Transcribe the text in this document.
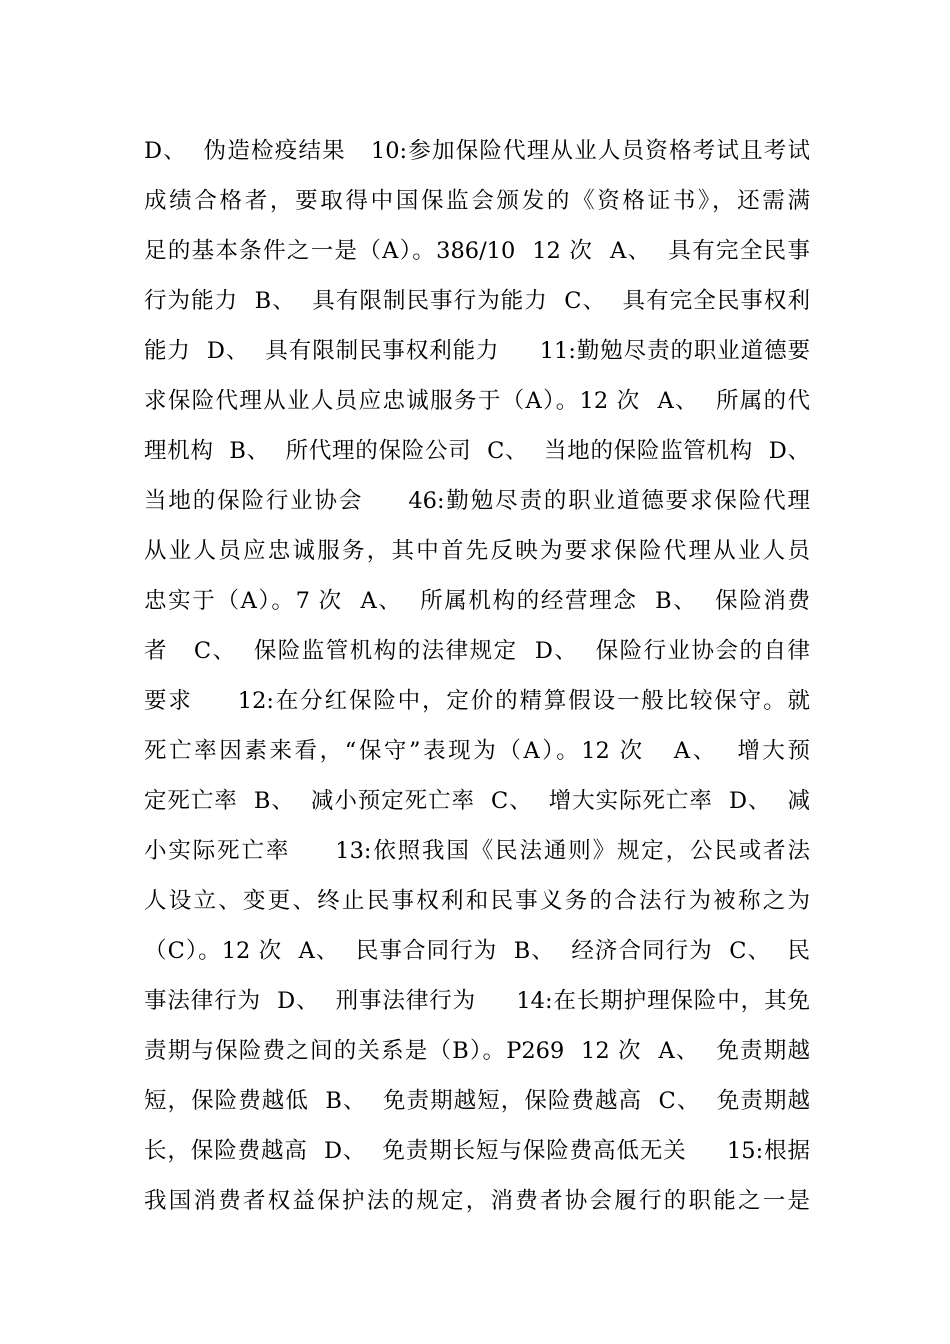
D、  伪造检疫结果   10:参加保险代理从业人员资格考试且考试
成绩合格者，要取得中国保监会颁发的《资格证书》，还需满
足的基本条件之一是（A）。386/10  12 次  A、  具有完全民事
行为能力  B、  具有限制民事行为能力  C、  具有完全民事权利
能力  D、  具有限制民事权利能力     11:勤勉尽责的职业道德要
求保险代理从业人员应忠诚服务于（A）。12 次  A、  所属的代
理机构  B、  所代理的保险公司  C、  当地的保险监管机构  D、
当地的保险行业协会     46:勤勉尽责的职业道德要求保险代理
从业人员应忠诚服务，其中首先反映为要求保险代理从业人员
忠实于（A）。7 次  A、  所属机构的经营理念  B、  保险消费
者   C、  保险监管机构的法律规定  D、  保险行业协会的自律
要求     12:在分红保险中，定价的精算假设一般比较保守。就
死亡率因素来看，“保守”表现为（A）。12 次   A、  增大预
定死亡率  B、  减小预定死亡率  C、  增大实际死亡率  D、  减
小实际死亡率     13:依照我国《民法通则》规定，公民或者法
人设立、变更、终止民事权利和民事义务的合法行为被称之为
（C）。12 次  A、  民事合同行为  B、  经济合同行为  C、  民
事法律行为  D、  刑事法律行为     14:在长期护理保险中，其免
责期与保险费之间的关系是（B）。P269  12 次  A、  免责期越
短，保险费越低  B、  免责期越短，保险费越高  C、  免责期越
长，保险费越高  D、  免责期长短与保险费高低无关     15:根据
我国消费者权益保护法的规定，消费者协会履行的职能之一是
